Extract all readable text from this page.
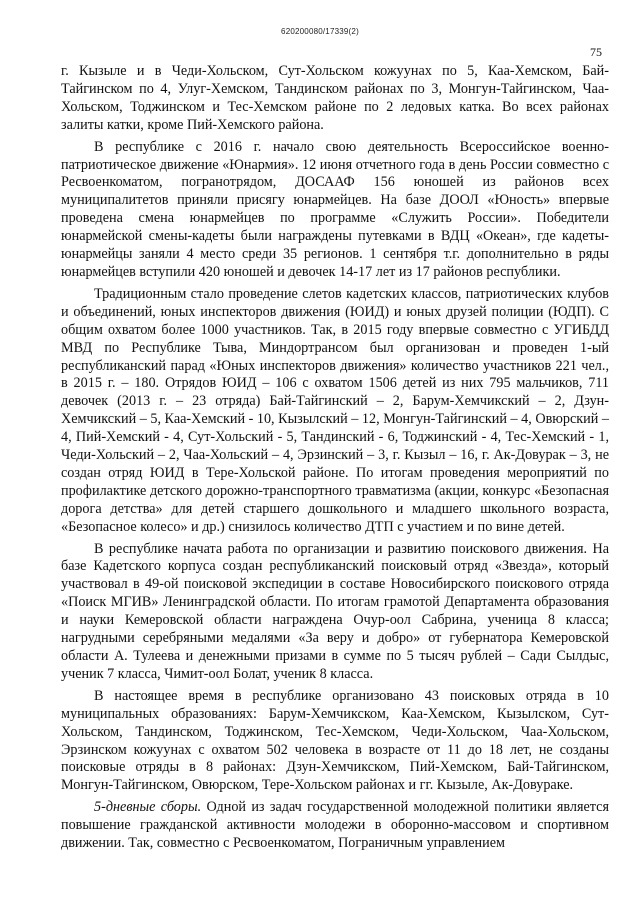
620200080/17339(2)
75

г. Кызыле и в Чеди-Хольском, Сут-Хольском кожуунах по 5, Каа-Хемском, Бай-Тайгинском по 4, Улуг-Хемском, Тандинском районах по 3, Монгун-Тайгинском, Чаа-Хольском, Тоджинском и Тес-Хемском районе по 2 ледовых катка. Во всех районах залиты катки, кроме Пий-Хемского района.

В республике с 2016 г. начало свою деятельность Всероссийское военно-патриотическое движение «Юнармия». 12 июня отчетного года в день России совместно с Ресвоенкоматом, погранотрядом, ДОСААФ 156 юношей из районов всех муниципалитетов приняли присягу юнармейцев. На базе ДООЛ «Юность» впервые проведена смена юнармейцев по программе «Служить России». Победители юнармейской смены-кадеты были награждены путевками в ВДЦ «Океан», где кадеты-юнармейцы заняли 4 место среди 35 регионов. 1 сентября т.г. дополнительно в ряды юнармейцев вступили 420 юношей и девочек 14-17 лет из 17 районов республики.

Традиционным стало проведение слетов кадетских классов, патриотических клубов и объединений, юных инспекторов движения (ЮИД) и юных друзей полиции (ЮДП). С общим охватом более 1000 участников. Так, в 2015 году впервые совместно с УГИБДД МВД по Республике Тыва, Миндортрансом был организован и проведен 1-ый республиканский парад «Юных инспекторов движения» количество участников 221 чел., в 2015 г. – 180. Отрядов ЮИД – 106 с охватом 1506 детей из них 795 мальчиков, 711 девочек (2013 г. – 23 отряда) Бай-Тайгинский – 2, Барум-Хемчикский – 2, Дзун-Хемчикский – 5, Каа-Хемский - 10, Кызылский – 12, Монгун-Тайгинский – 4, Овюрский – 4, Пий-Хемский - 4, Сут-Хольский - 5, Тандинский - 6, Тоджинский - 4, Тес-Хемский - 1, Чеди-Хольский – 2, Чаа-Хольский – 4, Эрзинский – 3, г. Кызыл – 16, г. Ак-Довурак – 3, не создан отряд ЮИД в Тере-Хольской районе. По итогам проведения мероприятий по профилактике детского дорожно-транспортного травматизма (акции, конкурс «Безопасная дорога детства» для детей старшего дошкольного и младшего школьного возраста, «Безопасное колесо» и др.) снизилось количество ДТП с участием и по вине детей.

В республике начата работа по организации и развитию поискового движения. На базе Кадетского корпуса создан республиканский поисковый отряд «Звезда», который участвовал в 49-ой поисковой экспедиции в составе Новосибирского поискового отряда «Поиск МГИВ» Ленинградской области. По итогам грамотой Департамента образования и науки Кемеровской области награждена Очур-оол Сабрина, ученица 8 класса; нагрудными серебряными медалями «За веру и добро» от губернатора Кемеровской области А. Тулеева и денежными призами в сумме по 5 тысяч рублей – Сади Сылдыс, ученик 7 класса, Чимит-оол Болат, ученик 8 класса.

В настоящее время в республике организовано 43 поисковых отряда в 10 муниципальных образованиях: Барум-Хемчикском, Каа-Хемском, Кызылском, Сут-Хольском, Тандинском, Тоджинском, Тес-Хемском, Чеди-Хольском, Чаа-Хольском, Эрзинском кожуунах с охватом 502 человека в возрасте от 11 до 18 лет, не созданы поисковые отряды в 8 районах: Дзун-Хемчикском, Пий-Хемском, Бай-Тайгинском, Монгун-Тайгинском, Овюрском, Тере-Хольском районах и гг. Кызыле, Ак-Довураке.

5-дневные сборы. Одной из задач государственной молодежной политики является повышение гражданской активности молодежи в оборонно-массовом и спортивном движении. Так, совместно с Ресвоенкоматом, Пограничным управлением
